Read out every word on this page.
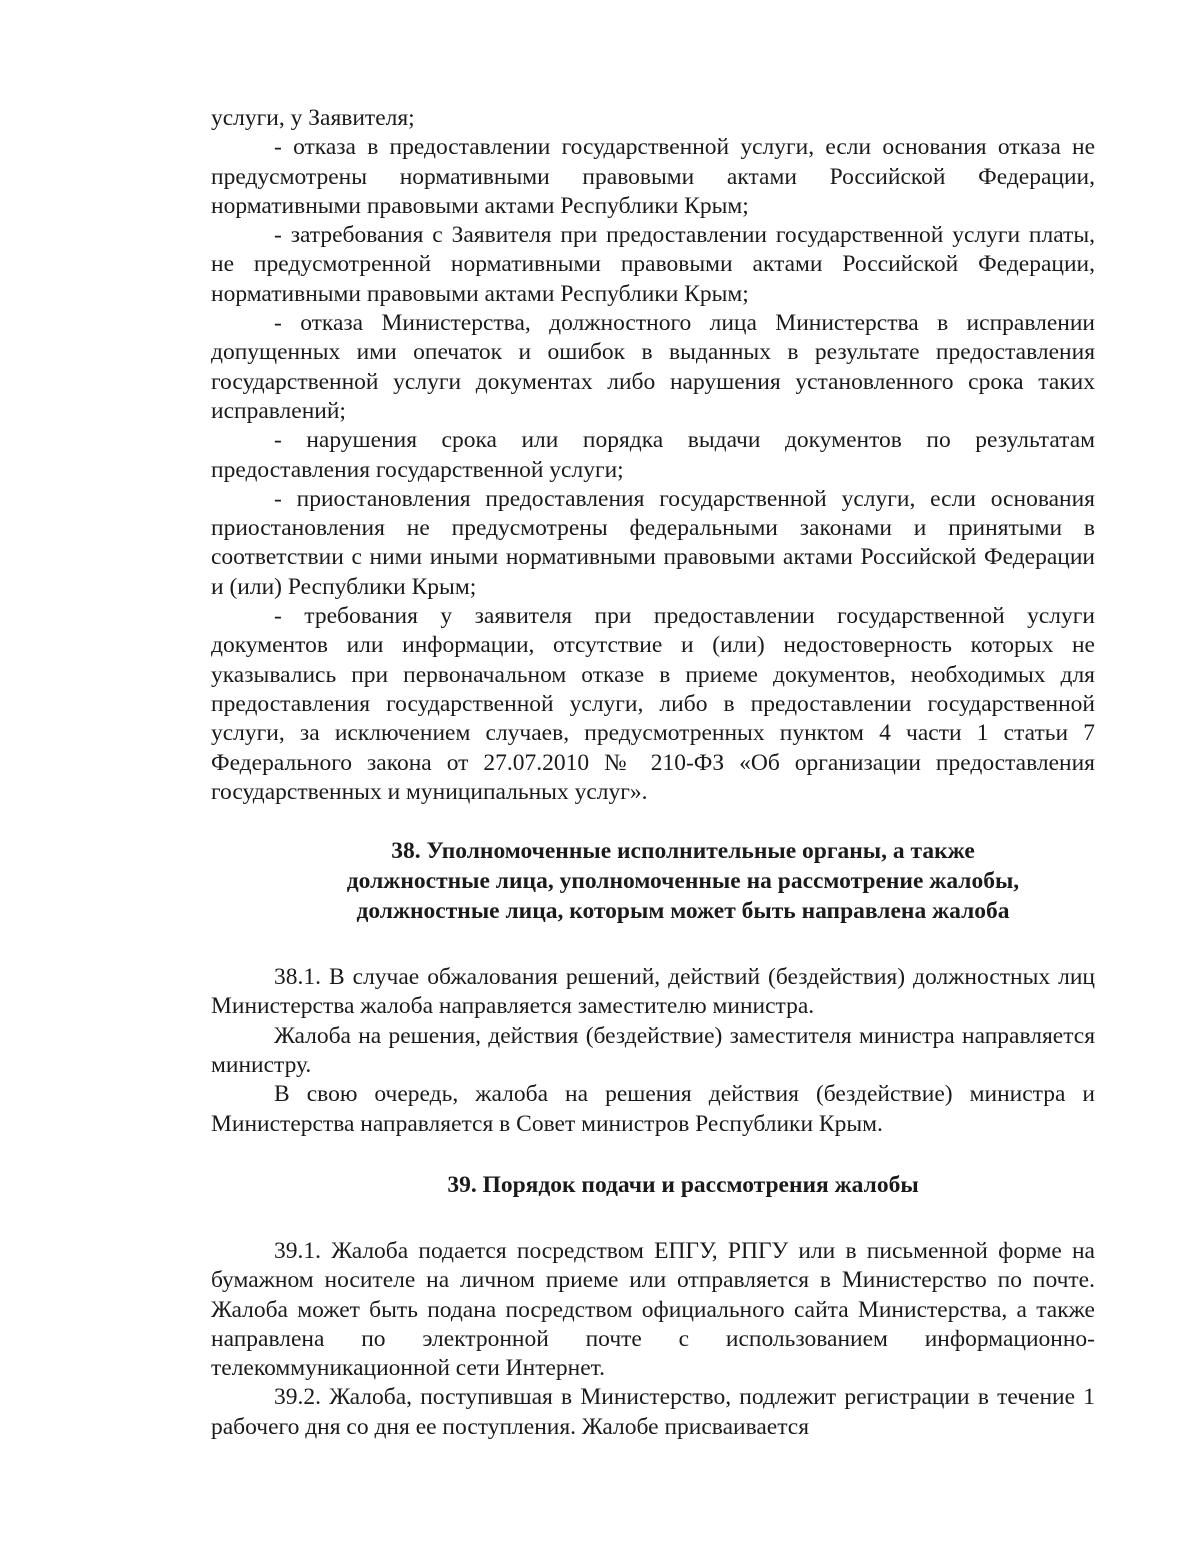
услуги, у Заявителя;

- отказа в предоставлении государственной услуги, если основания отказа не предусмотрены нормативными правовыми актами Российской Федерации, нормативными правовыми актами Республики Крым;

- затребования с Заявителя при предоставлении государственной услуги платы, не предусмотренной нормативными правовыми актами Российской Федерации, нормативными правовыми актами Республики Крым;

- отказа Министерства, должностного лица Министерства в исправлении допущенных ими опечаток и ошибок в выданных в результате предоставления государственной услуги документах либо нарушения установленного срока таких исправлений;

- нарушения срока или порядка выдачи документов по результатам предоставления государственной услуги;

- приостановления предоставления государственной услуги, если основания приостановления не предусмотрены федеральными законами и принятыми в соответствии с ними иными нормативными правовыми актами Российской Федерации и (или) Республики Крым;

- требования у заявителя при предоставлении государственной услуги документов или информации, отсутствие и (или) недостоверность которых не указывались при первоначальном отказе в приеме документов, необходимых для предоставления государственной услуги, либо в предоставлении государственной услуги, за исключением случаев, предусмотренных пунктом 4 части 1 статьи 7 Федерального закона от 27.07.2010 № 210-ФЗ «Об организации предоставления государственных и муниципальных услуг».

38. Уполномоченные исполнительные органы, а также

должностные лица, уполномоченные на рассмотрение жалобы,

должностные лица, которым может быть направлена жалоба

38.1. В случае обжалования решений, действий (бездействия) должностных лиц Министерства жалоба направляется заместителю министра.

Жалоба на решения, действия (бездействие) заместителя министра направляется министру.

В свою очередь, жалоба на решения действия (бездействие) министра и Министерства направляется в Совет министров Республики Крым.

39. Порядок подачи и рассмотрения жалобы

39.1. Жалоба подается посредством ЕПГУ, РПГУ или в письменной форме на бумажном носителе на личном приеме или отправляется в Министерство по почте. Жалоба может быть подана посредством официального сайта Министерства, а также направлена по электронной почте с использованием информационно-телекоммуникационной сети Интернет.

39.2. Жалоба, поступившая в Министерство, подлежит регистрации в течение 1 рабочего дня со дня ее поступления. Жалобе присваивается
